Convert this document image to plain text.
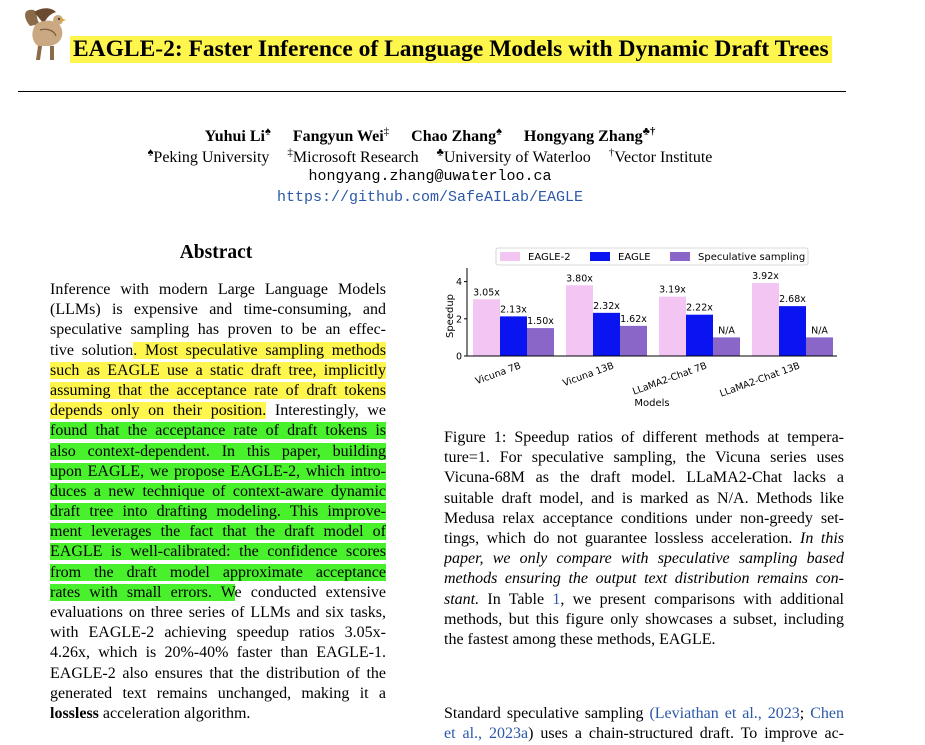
EAGLE-2: Faster Inference of Language Models with Dynamic Draft Trees
Yuhui Li♠ Fangyun Wei‡ Chao Zhang♠ Hongyang Zhang♣†
♠Peking University ‡Microsoft Research ♣University of Waterloo †Vector Institute
hongyang.zhang@uwaterloo.ca
https://github.com/SafeAILab/EAGLE
Abstract
Inference with modern Large Language Models
(LLMs) is expensive and time-consuming, and
speculative sampling has proven to be an effec-
tive solution. Most speculative sampling methods
such as EAGLE use a static draft tree, implicitly
assuming that the acceptance rate of draft tokens
depends only on their position. Interestingly, we
found that the acceptance rate of draft tokens is
also context-dependent. In this paper, building
upon EAGLE, we propose EAGLE-2, which intro-
duces a new technique of context-aware dynamic
draft tree into drafting modeling. This improve-
ment leverages the fact that the draft model of
EAGLE is well-calibrated: the confidence scores
from the draft model approximate acceptance
rates with small errors. We conducted extensive
evaluations on three series of LLMs and six tasks,
with EAGLE-2 achieving speedup ratios 3.05x-
4.26x, which is 20%-40% faster than EAGLE-1.
EAGLE-2 also ensures that the distribution of the
generated text remains unchanged, making it a
lossless acceleration algorithm.
EAGLE-2	EAGLE	Speculative sampling
3.05x
2.13x
1.50x
Vicuna 7B
3.80x
2.32x
1.62x
Vicuna 13B
3.19x
2.22x
N/A
LLaMA2-Chat 7B
3.92x
2.68x
N/A
LLaMA2-Chat 13B
0
2
4
Speedup
Models
Figure 1: Speedup ratios of different methods at tempera-
ture=1. For speculative sampling, the Vicuna series uses
Vicuna-68M as the draft model. LLaMA2-Chat lacks a
suitable draft model, and is marked as N/A. Methods like
Medusa relax acceptance conditions under non-greedy set-
tings, which do not guarantee lossless acceleration. In this
paper, we only compare with speculative sampling based
methods ensuring the output text distribution remains con-
stant. In Table 1, we present comparisons with additional
methods, but this figure only showcases a subset, including
the fastest among these methods, EAGLE.
Standard speculative sampling (Leviathan et al., 2023; Chen
et al., 2023a) uses a chain-structured draft. To improve ac-
